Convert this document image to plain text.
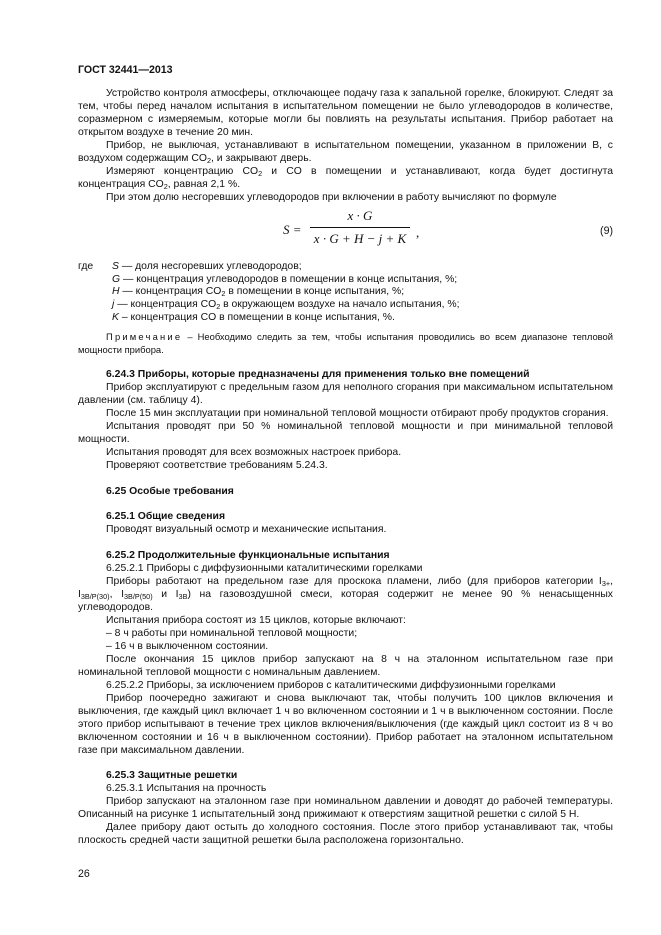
ГОСТ 32441—2013

Устройство контроля атмосферы, отключающее подачу газа к запальной горелке, блокируют. Следят за тем, чтобы перед началом испытания в испытательном помещении не было углеводородов в количестве, соразмерном с измеряемым, которые могли бы повлиять на результаты испытания. Прибор работает на открытом воздухе в течение 20 мин.

Прибор, не выключая, устанавливают в испытательном помещении, указанном в приложении В, с воздухом содержащим $CO_2$, и закрывают дверь.

Измеряют концентрацию $CO_2$ и CO в помещении и устанавливают, когда будет достигнута концентрация $CO_2$, равная 2,1 %.

При этом долю несгоревших углеводородов при включении в работу вычисляют по формуле

S =
x · G
x · G + H − j + K ,	(9)
где S — доля несгоревших углеводородов;
G — концентрация углеводородов в помещении в конце испытания, %;
H — концентрация $CO_2$ в помещении в конце испытания, %;
j — концентрация $CO_2$ в окружающем воздухе на начало испытания, %;
K – концентрация CO в помещении в конце испытания, %.

Примечание – Необходимо следить за тем, чтобы испытания проводились во всем диапазоне тепловой мощности прибора.

6.24.3 Приборы, которые предназначены для применения только вне помещений

Прибор эксплуатируют с предельным газом для неполного сгорания при максимальном испытательном давлении (см. таблицу 4).

После 15 мин эксплуатации при номинальной тепловой мощности отбирают пробу продуктов сгорания.

Испытания проводят при 50 % номинальной тепловой мощности и при минимальной тепловой мощности.

Испытания проводят для всех возможных настроек прибора.

Проверяют соответствие требованиям 5.24.3.

6.25 Особые требования

6.25.1 Общие сведения

Проводят визуальный осмотр и механические испытания.

6.25.2 Продолжительные функциональные испытания

6.25.2.1 Приборы с диффузионными каталитическими горелками

Приборы работают на предельном газе для проскока пламени, либо (для приборов категории $I_{3+}$, $I_{3B/P(30)}$, $I_{3B/P(50)}$ и $I_{3B}$) на газовоздушной смеси, которая содержит не менее 90 % ненасыщенных углеводородов.

Испытания прибора состоят из 15 циклов, которые включают:

– 8 ч работы при номинальной тепловой мощности;

– 16 ч в выключенном состоянии.

После окончания 15 циклов прибор запускают на 8 ч на эталонном испытательном газе при номинальной тепловой мощности с номинальным давлением.

6.25.2.2 Приборы, за исключением приборов с каталитическими диффузионными горелками

Прибор поочередно зажигают и снова выключают так, чтобы получить 100 циклов включения и выключения, где каждый цикл включает 1 ч во включенном состоянии и 1 ч в выключенном состоянии. После этого прибор испытывают в течение трех циклов включения/выключения (где каждый цикл состоит из 8 ч во включенном состоянии и 16 ч в выключенном состоянии). Прибор работает на эталонном испытательном газе при максимальном давлении.

6.25.3 Защитные решетки

6.25.3.1 Испытания на прочность

Прибор запускают на эталонном газе при номинальном давлении и доводят до рабочей температуры. Описанный на рисунке 1 испытательный зонд прижимают к отверстиям защитной решетки с силой 5 Н.

Далее прибору дают остыть до холодного состояния. После этого прибор устанавливают так, чтобы плоскость средней части защитной решетки была расположена горизонтально.

26
